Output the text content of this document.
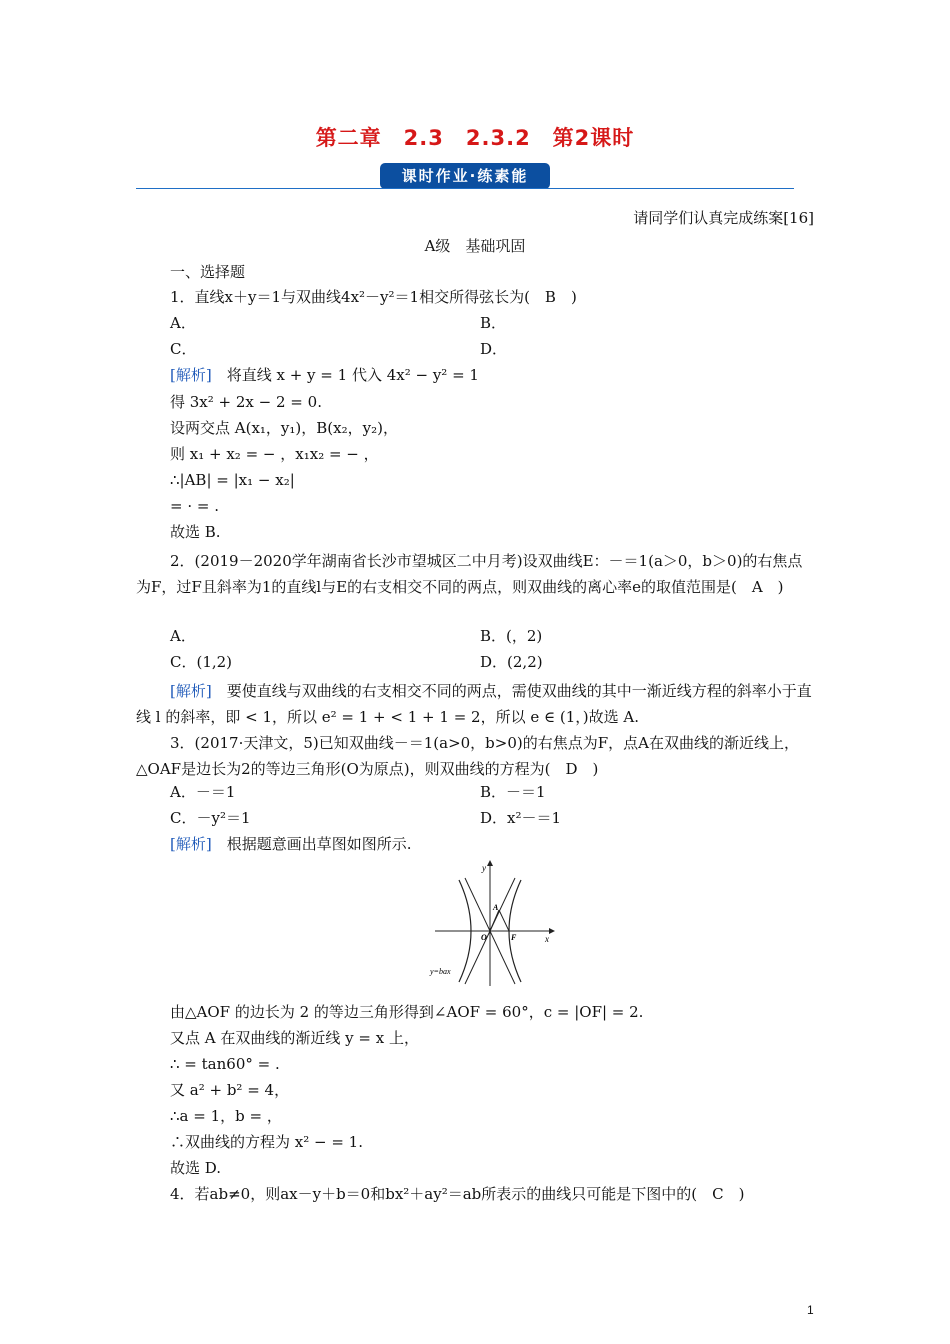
第二章　2.3　2.3.2　第2课时
课时作业·练素能
请同学们认真完成练案[16]
A级　基础巩固
一、选择题
1．直线x＋y＝1与双曲线4x²－y²＝1相交所得弦长为(　B　)
A．	B．
C．	D．
[解析]　将直线 x + y = 1 代入 4x² − y² = 1
得 3x² + 2x − 2 = 0.
设两交点 A(x₁，y₁)，B(x₂，y₂)，
则 x₁ + x₂ = − ，x₁x₂ = − ，
∴|AB| = |x₁ − x₂|
= · = .
故选 B.
2．(2019－2020学年湖南省长沙市望城区二中月考)设双曲线E：－＝1(a＞0，b＞0)的右焦点为F，过F且斜率为1的直线l与E的右支相交不同的两点，则双曲线的离心率e的取值范围是(　A　)
A．	B．(，2)
C．(1,2)	D．(2,2)
[解析]　要使直线与双曲线的右支相交不同的两点，需使双曲线的其中一渐近线方程的斜率小于直线 l 的斜率，即 < 1，所以 e² = 1 + < 1 + 1 = 2，所以 e ∈ (1，)故选 A.
3．(2017·天津文，5)已知双曲线－＝1(a>0，b>0)的右焦点为F，点A在双曲线的渐近线上，△OAF是边长为2的等边三角形(O为原点)，则双曲线的方程为(　D　)
A．－＝1	B．－＝1
C．－y²＝1	D．x²－＝1
[解析]　根据题意画出草图如图所示.
y
x
A
O	F
y=bax
由△AOF 的边长为 2 的等边三角形得到∠AOF = 60°，c = |OF| = 2.
又点 A 在双曲线的渐近线 y = x 上，
∴ = tan60° = .
又 a² + b² = 4，
∴a = 1，b = ，
∴双曲线的方程为 x² − = 1.
故选 D.
4．若ab≠0，则ax－y＋b＝0和bx²＋ay²＝ab所表示的曲线只可能是下图中的(　C　)
1
